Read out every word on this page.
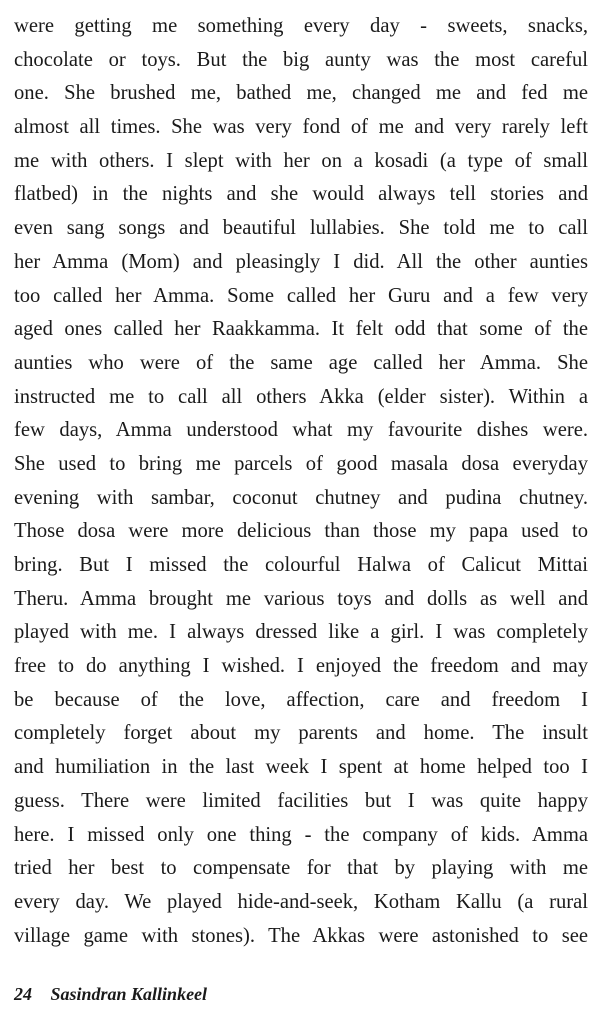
were getting me something every day - sweets, snacks,
chocolate or toys. But the big aunty was the most careful
one. She brushed me, bathed me, changed me and fed me
almost all times. She was very fond of me and very rarely left
me with others. I slept with her on a kosadi (a type of small
flatbed) in the nights and she would always tell stories and
even sang songs and beautiful lullabies. She told me to call
her Amma (Mom) and pleasingly I did. All the other aunties
too called her Amma. Some called her Guru and a few very
aged ones called her Raakkamma. It felt odd that some of the
aunties who were of the same age called her Amma. She
instructed me to call all others Akka (elder sister). Within a
few days, Amma understood what my favourite dishes were.
She used to bring me parcels of good masala dosa everyday
evening with sambar, coconut chutney and pudina chutney.
Those dosa were more delicious than those my papa used to
bring. But I missed the colourful Halwa of Calicut Mittai
Theru. Amma brought me various toys and dolls as well and
played with me. I always dressed like a girl. I was completely
free to do anything I wished. I enjoyed the freedom and may
be because of the love, affection, care and freedom I
completely forget about my parents and home. The insult
and humiliation in the last week I spent at home helped too I
guess. There were limited facilities but I was quite happy
here. I missed only one thing - the company of kids. Amma
tried her best to compensate for that by playing with me
every day. We played hide-and-seek, Kotham Kallu (a rural
village game with stones). The Akkas were astonished to see
24 Sasindran Kallinkeel
